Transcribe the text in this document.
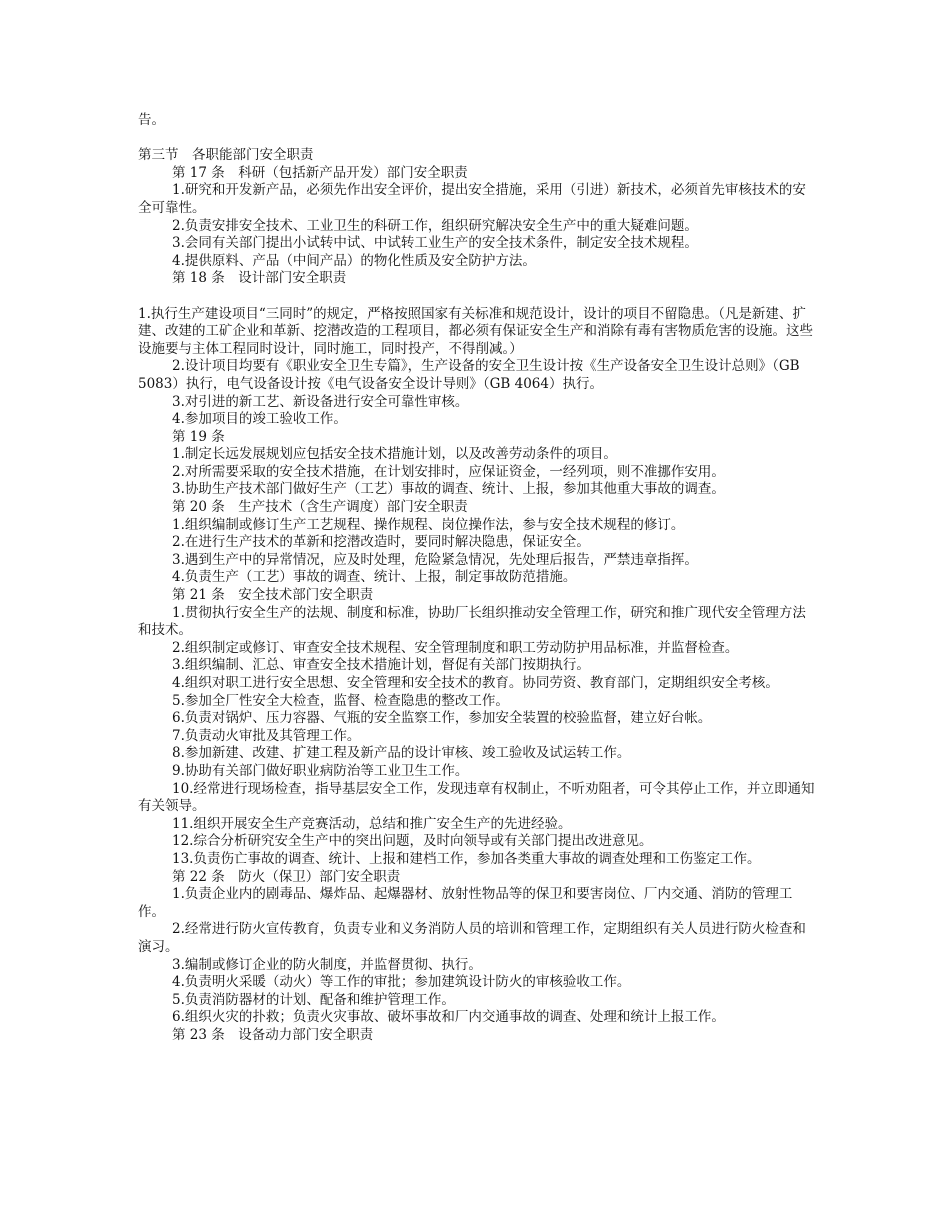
告。
第三节　各职能部门安全职责
第 17 条　科研（包括新产品开发）部门安全职责
1.研究和开发新产品，必须先作出安全评价，提出安全措施，采用（引进）新技术，必须首先审核技术的安全可靠性。
2.负责安排安全技术、工业卫生的科研工作，组织研究解决安全生产中的重大疑难问题。
3.会同有关部门提出小试转中试、中试转工业生产的安全技术条件，制定安全技术规程。
4.提供原料、产品（中间产品）的物化性质及安全防护方法。
第 18 条　设计部门安全职责
1.执行生产建设项目“三同时”的规定，严格按照国家有关标准和规范设计，设计的项目不留隐患。（凡是新建、扩建、改建的工矿企业和革新、挖潜改造的工程项目，都必须有保证安全生产和消除有毒有害物质危害的设施。这些设施要与主体工程同时设计，同时施工，同时投产，不得削减。）
2.设计项目均要有《职业安全卫生专篇》，生产设备的安全卫生设计按《生产设备安全卫生设计总则》（GB
5083）执行，电气设备设计按《电气设备安全设计导则》（GB 4064）执行。
3.对引进的新工艺、新设备进行安全可靠性审核。
4.参加项目的竣工验收工作。
第 19 条
1.制定长远发展规划应包括安全技术措施计划，以及改善劳动条件的项目。
2.对所需要采取的安全技术措施，在计划安排时，应保证资金，一经列项，则不准挪作安用。
3.协助生产技术部门做好生产（工艺）事故的调查、统计、上报，参加其他重大事故的调查。
第 20 条　生产技术（含生产调度）部门安全职责
1.组织编制或修订生产工艺规程、操作规程、岗位操作法，参与安全技术规程的修订。
2.在进行生产技术的革新和挖潜改造时，要同时解决隐患，保证安全。
3.遇到生产中的异常情况，应及时处理，危险紧急情况，先处理后报告，严禁违章指挥。
4.负责生产（工艺）事故的调查、统计、上报，制定事故防范措施。
第 21 条　安全技术部门安全职责
1.贯彻执行安全生产的法规、制度和标准，协助厂长组织推动安全管理工作，研究和推广现代安全管理方法和技术。
2.组织制定或修订、审查安全技术规程、安全管理制度和职工劳动防护用品标准，并监督检查。
3.组织编制、汇总、审查安全技术措施计划，督促有关部门按期执行。
4.组织对职工进行安全思想、安全管理和安全技术的教育。协同劳资、教育部门，定期组织安全考核。
5.参加全厂性安全大检查，监督、检查隐患的整改工作。
6.负责对锅炉、压力容器、气瓶的安全监察工作，参加安全装置的校验监督，建立好台帐。
7.负责动火审批及其管理工作。
8.参加新建、改建、扩建工程及新产品的设计审核、竣工验收及试运转工作。
9.协助有关部门做好职业病防治等工业卫生工作。
10.经常进行现场检查，指导基层安全工作，发现违章有权制止，不听劝阻者，可令其停止工作，并立即通知有关领导。
11.组织开展安全生产竞赛活动，总结和推广安全生产的先进经验。
12.综合分析研究安全生产中的突出问题，及时向领导或有关部门提出改进意见。
13.负责伤亡事故的调查、统计、上报和建档工作，参加各类重大事故的调查处理和工伤鉴定工作。
第 22 条　防火（保卫）部门安全职责
1.负责企业内的剧毒品、爆炸品、起爆器材、放射性物品等的保卫和要害岗位、厂内交通、消防的管理工作。
2.经常进行防火宣传教育，负责专业和义务消防人员的培训和管理工作，定期组织有关人员进行防火检查和演习。
3.编制或修订企业的防火制度，并监督贯彻、执行。
4.负责明火采暖（动火）等工作的审批；参加建筑设计防火的审核验收工作。
5.负责消防器材的计划、配备和维护管理工作。
6.组织火灾的扑救；负责火灾事故、破坏事故和厂内交通事故的调查、处理和统计上报工作。
第 23 条　设备动力部门安全职责
